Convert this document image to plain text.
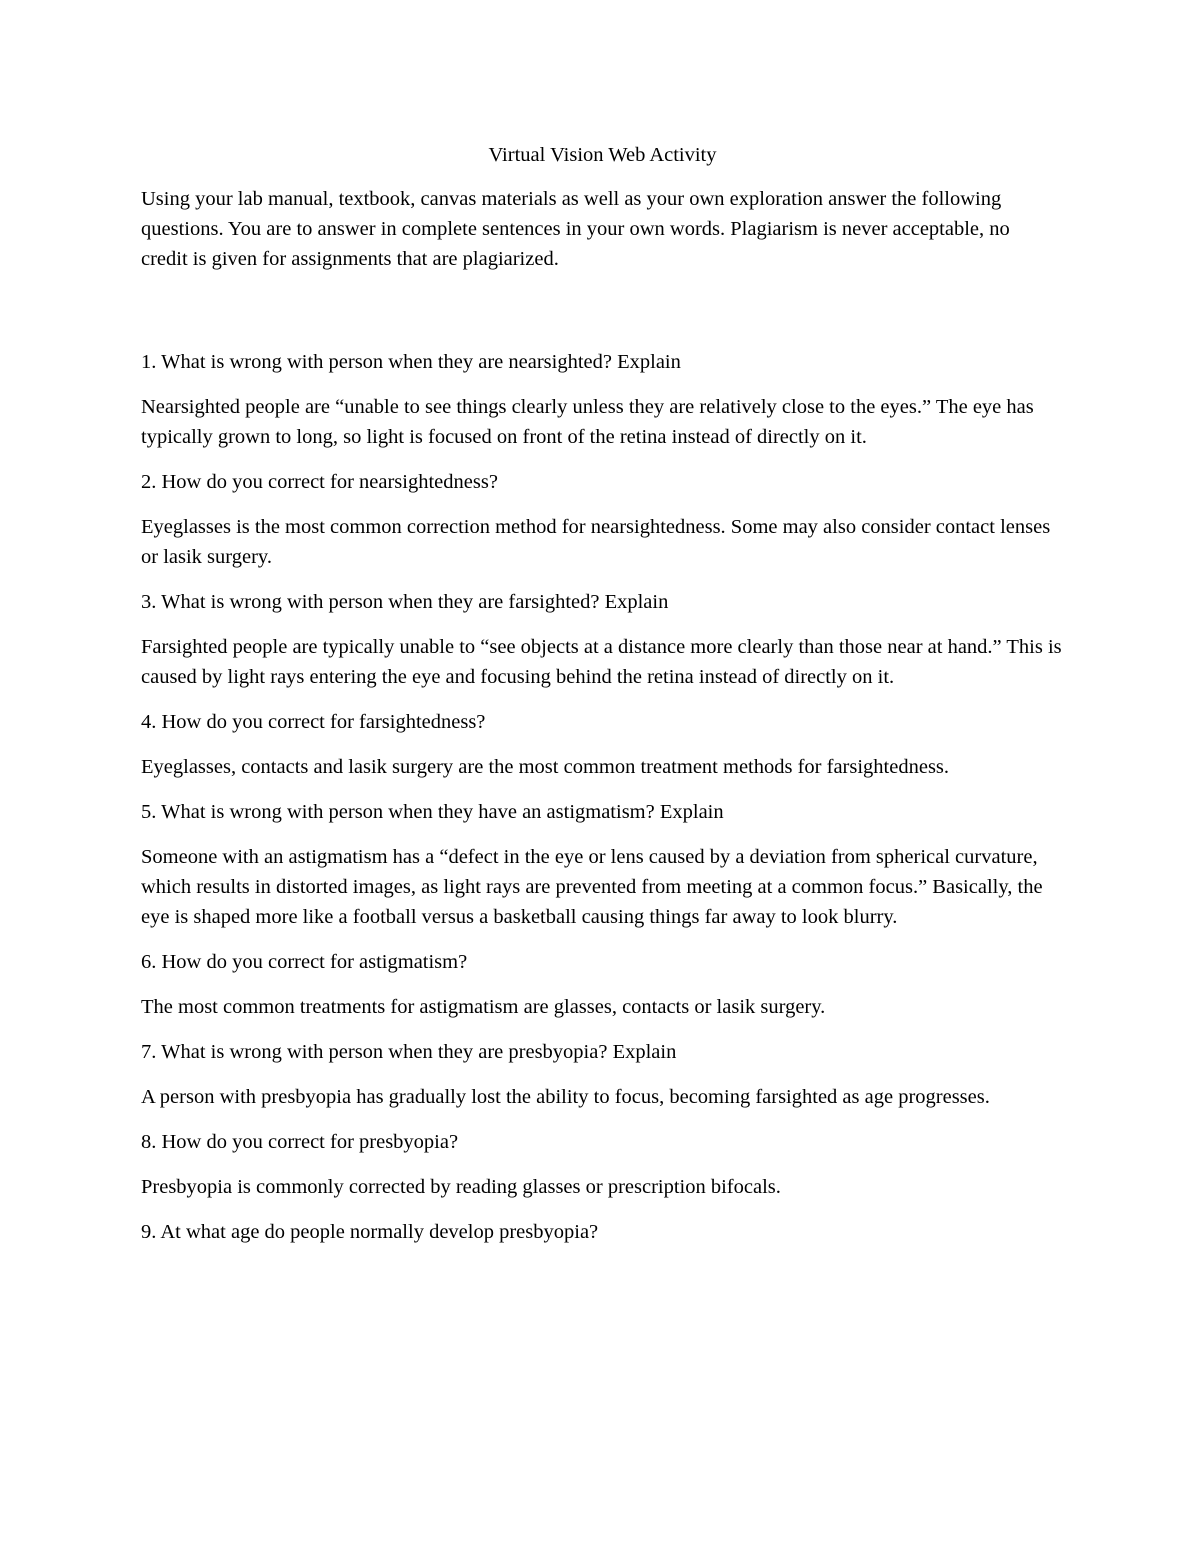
Virtual Vision Web Activity

Using your lab manual, textbook, canvas materials as well as your own exploration answer the following questions. You are to answer in complete sentences in your own words. Plagiarism is never acceptable, no credit is given for assignments that are plagiarized.

1. What is wrong with person when they are nearsighted? Explain

Nearsighted people are “unable to see things clearly unless they are relatively close to the eyes.” The eye has typically grown to long, so light is focused on front of the retina instead of directly on it.

2. How do you correct for nearsightedness?

Eyeglasses is the most common correction method for nearsightedness. Some may also consider contact lenses or lasik surgery.

3. What is wrong with person when they are farsighted? Explain

Farsighted people are typically unable to “see objects at a distance more clearly than those near at hand.” This is caused by light rays entering the eye and focusing behind the retina instead of directly on it.

4. How do you correct for farsightedness?

Eyeglasses, contacts and lasik surgery are the most common treatment methods for farsightedness.

5. What is wrong with person when they have an astigmatism? Explain

Someone with an astigmatism has a “defect in the eye or lens caused by a deviation from spherical curvature, which results in distorted images, as light rays are prevented from meeting at a common focus.” Basically, the eye is shaped more like a football versus a basketball causing things far away to look blurry.

6. How do you correct for astigmatism?

The most common treatments for astigmatism are glasses, contacts or lasik surgery.

7. What is wrong with person when they are presbyopia? Explain

A person with presbyopia has gradually lost the ability to focus, becoming farsighted as age progresses.

8. How do you correct for presbyopia?

Presbyopia is commonly corrected by reading glasses or prescription bifocals.

9. At what age do people normally develop presbyopia?
